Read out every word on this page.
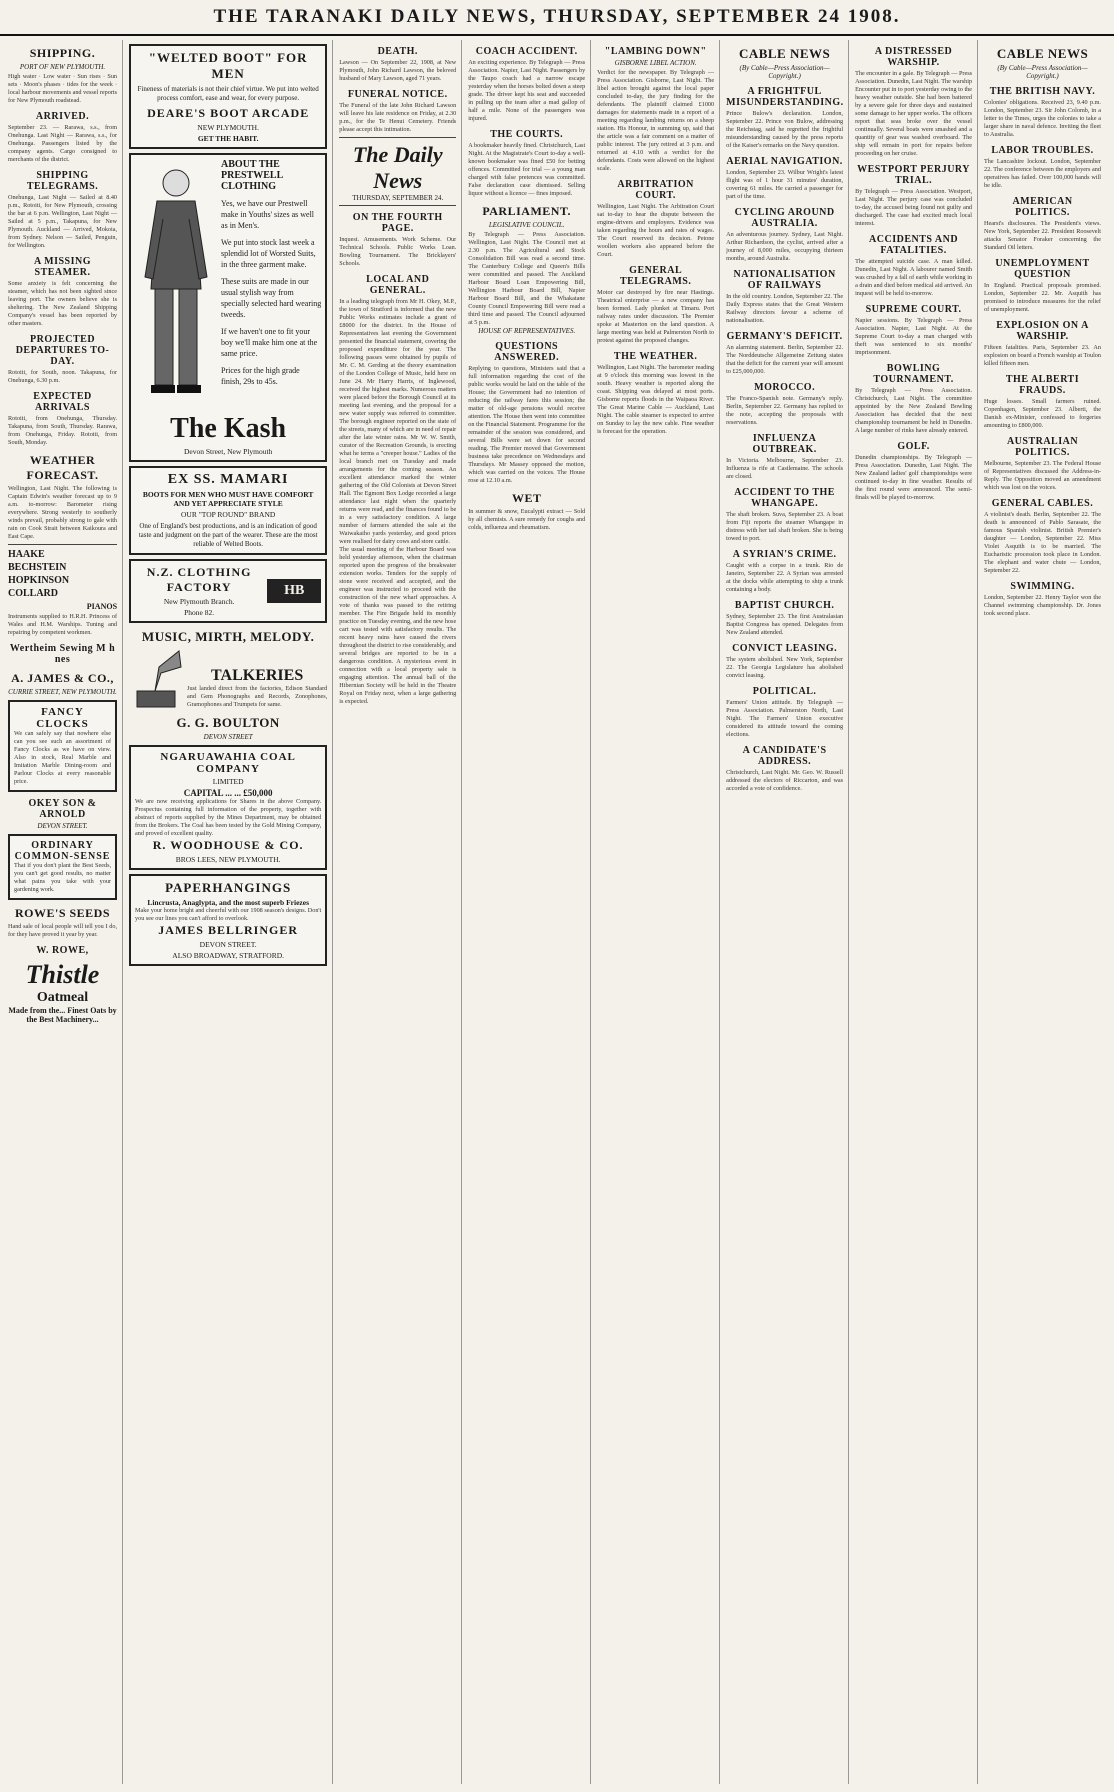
THE TARANAKI DAILY NEWS, THURSDAY, SEPTEMBER 24 1908.
SHIPPING.
PORT OF NEW PLYMOUTH.

High water · Low water · Sun rises · Sun sets · Moon's phases · tides for the week · local harbour movements and vessel reports for New Plymouth roadstead.

ARRIVED.

September 23. — Rarawa, s.s., from Onehunga. Last Night — Rarawa, s.s., for Onehunga. Passengers listed by the company agents. Cargo consigned to merchants of the district.

SHIPPING TELEGRAMS.

Onehunga, Last Night — Sailed at 8.40 p.m., Rotoiti, for New Plymouth, crossing the bar at 6 p.m. Wellington, Last Night — Sailed at 5 p.m., Takapuna, for New Plymouth. Auckland — Arrived, Mokoia, from Sydney. Nelson — Sailed, Penguin, for Wellington.

A MISSING STEAMER.

Some anxiety is felt concerning the steamer, which has not been sighted since leaving port. The owners believe she is sheltering. The New Zealand Shipping Company's vessel has been reported by other masters.

PROJECTED DEPARTURES TO-DAY.

Rotoiti, for South, noon. Takapuna, for Onehunga, 6.30 p.m.

EXPECTED ARRIVALS

Rotoiti, from Onehunga, Thursday. Takapuna, from South, Thursday. Rarawa, from Onehunga, Friday. Rotoiti, from South, Monday.

WEATHER FORECAST.

Wellington, Last Night. The following is Captain Edwin's weather forecast up to 9 a.m. to-morrow: Barometer rising everywhere. Strong westerly to southerly winds prevail, probably strong to gale with rain on Cook Strait between Kaikoura and East Cape.

HAAKE
BECHSTEIN
HOPKINSON
COLLARD
PIANOS

Instruments supplied to H.R.H. Princess of Wales and H.M. Warships. Tuning and repairing by competent workmen.

Wertheim Sewing M h nes
A. JAMES & CO.,
CURRIE STREET, NEW PLYMOUTH.
FANCY CLOCKS

We can safely say that nowhere else can you see such an assortment of Fancy Clocks as we have on view. Also in stock, Real Marble and Imitation Marble Dining-room and Parlour Clocks at every reasonable price.

OKEY SON & ARNOLD
DEVON STREET.
ORDINARY COMMON-SENSE

That if you don't plant the Best Seeds, you can't get good results, no matter what pains you take with your gardening work.

ROWE'S SEEDS

Hand sale of local people will tell you I do, for they have proved it year by year.

W. ROWE,
Thistle
Oatmeal
Made from the... Finest Oats by the Best Machinery...
"WELTED BOOT" FOR MEN
Fineness of materials is not their chief virtue. We put into welted process comfort, ease and wear, for every purpose.
DEARE'S BOOT ARCADE
NEW PLYMOUTH.
GET THE HABIT.
ABOUT THE
PRESTWELL
CLOTHING
Yes, we have our Prestwell make in Youths' sizes as well as in Men's.
We put into stock last week a splendid lot of Worsted Suits, in the three garment make.
These suits are made in our usual stylish way from specially selected hard wearing tweeds.
If we haven't one to fit your boy we'll make him one at the same price.
Prices for the high grade finish, 29s to 45s.
The Kash
Devon Street, New Plymouth
EX SS. MAMARI
BOOTS FOR MEN WHO MUST HAVE COMFORT AND YET APPRECIATE STYLE
OUR "TOP ROUND" BRAND
One of England's best productions, and is an indication of good taste and judgment on the part of the wearer. These are the most reliable of Welted Boots.
N.Z. CLOTHING FACTORY
New Plymouth Branch.
Phone 82.
HB
MUSIC, MIRTH, MELODY.
TALKERIES

Just landed direct from the factories, Edison Standard and Gem Phonographs and Records, Zonophones, Gramophones and Trumpets for same.

G. G. BOULTON
DEVON STREET
NGARUAWAHIA COAL COMPANY
LIMITED
CAPITAL ... ... £50,000

We are now receiving applications for Shares in the above Company. Prospectus containing full information of the property, together with abstract of reports supplied by the Mines Department, may be obtained from the Brokers. The Coal has been tested by the Gold Mining Company, and proved of excellent quality.

R. WOODHOUSE & CO.
BROS LEES, NEW PLYMOUTH.
PAPERHANGINGS
Lincrusta, Anaglypta, and the most superb Friezes

Make your home bright and cheerful with our 1908 season's designs. Don't you see our lines you can't afford to overlook.

JAMES BELLRINGER
DEVON STREET.
ALSO BROADWAY, STRATFORD.
DEATH.

Lawson — On September 22, 1908, at New Plymouth, John Richard Lawson, the beloved husband of Mary Lawson, aged 71 years.

FUNERAL NOTICE.

The Funeral of the late John Richard Lawson will leave his late residence on Friday, at 2.30 p.m., for the Te Henui Cemetery. Friends please accept this intimation.

The Daily News
THURSDAY, SEPTEMBER 24.
ON THE FOURTH PAGE.

Inquest. Amusements. Work Scheme. Our Technical Schools. Public Works Loan. Bowling Tournament. The Bricklayers' Schools.

LOCAL AND GENERAL.

In a leading telegraph from Mr H. Okey, M.P., the town of Stratford is informed that the new Public Works estimates include a grant of £8000 for the district. In the House of Representatives last evening the Government presented the financial statement, covering the proposed expenditure for the year. The following passes were obtained by pupils of Mr. C. M. Gerding at the theory examination of the London College of Music, held here on June 24. Mr Harry Harris, of Inglewood, received the highest marks. Numerous matters were placed before the Borough Council at its meeting last evening, and the proposal for a new water supply was referred to committee. The borough engineer reported on the state of the streets, many of which are in need of repair after the late winter rains. Mr W. W. Smith, curator of the Recreation Grounds, is erecting what he terms a "creeper house." Ladies of the local branch met on Tuesday and made arrangements for the coming season. An excellent attendance marked the winter gathering of the Old Colonists at Devon Street Hall. The Egmont Box Lodge recorded a large attendance last night when the quarterly returns were read, and the finances found to be in a very satisfactory condition. A large number of farmers attended the sale at the Waiwakaiho yards yesterday, and good prices were realised for dairy cows and store cattle.

The usual meeting of the Harbour Board was held yesterday afternoon, when the chairman reported upon the progress of the breakwater extension works. Tenders for the supply of stone were received and accepted, and the engineer was instructed to proceed with the construction of the new wharf approaches. A vote of thanks was passed to the retiring member. The Fire Brigade held its monthly practice on Tuesday evening, and the new hose cart was tested with satisfactory results. The recent heavy rains have caused the rivers throughout the district to rise considerably, and several bridges are reported to be in a dangerous condition. A mysterious event in connection with a local property sale is engaging attention. The annual ball of the Hibernian Society will be held in the Theatre Royal on Friday next, when a large gathering is expected.

COACH ACCIDENT.

An exciting experience. By Telegraph — Press Association. Napier, Last Night. Passengers by the Taupo coach had a narrow escape yesterday when the horses bolted down a steep grade. The driver kept his seat and succeeded in pulling up the team after a mad gallop of half a mile. None of the passengers was injured.

THE COURTS.

A bookmaker heavily fined. Christchurch, Last Night. At the Magistrate's Court to-day a well-known bookmaker was fined £50 for betting offences. Committed for trial — a young man charged with false pretences was committed. False declaration case dismissed. Selling liquor without a licence — fines imposed.

PARLIAMENT.
LEGISLATIVE COUNCIL.

By Telegraph — Press Association. Wellington, Last Night. The Council met at 2.30 p.m. The Agricultural and Stock Consolidation Bill was read a second time. The Canterbury College and Queen's Bills were committed and passed. The Auckland Harbour Board Loan Empowering Bill, Wellington Harbour Board Bill, Napier Harbour Board Bill, and the Whakatane County Council Empowering Bill were read a third time and passed. The Council adjourned at 5 p.m.

HOUSE OF REPRESENTATIVES.
QUESTIONS ANSWERED.

Replying to questions, Ministers said that a full information regarding the cost of the public works would be laid on the table of the House; the Government had no intention of reducing the railway fares this session; the matter of old-age pensions would receive attention. The House then went into committee on the Financial Statement. Programme for the remainder of the session was considered, and several Bills were set down for second reading. The Premier moved that Government business take precedence on Wednesdays and Thursdays. Mr Massey opposed the motion, which was carried on the voices. The House rose at 12.10 a.m.

WET

In summer & snow, Eucalypti extract — Sold by all chemists. A sure remedy for coughs and colds, influenza and rheumatism.

"LAMBING DOWN"
GISBORNE LIBEL ACTION.

Verdict for the newspaper. By Telegraph — Press Association. Gisborne, Last Night. The libel action brought against the local paper concluded to-day, the jury finding for the defendants. The plaintiff claimed £1000 damages for statements made in a report of a meeting regarding lambing returns on a sheep station. His Honour, in summing up, said that the article was a fair comment on a matter of public interest. The jury retired at 3 p.m. and returned at 4.10 with a verdict for the defendants. Costs were allowed on the highest scale.

ARBITRATION COURT.

Wellington, Last Night. The Arbitration Court sat to-day to hear the dispute between the engine-drivers and employers. Evidence was taken regarding the hours and rates of wages. The Court reserved its decision. Petone woollen workers also appeared before the Court.

GENERAL TELEGRAMS.

Motor car destroyed by fire near Hastings. Theatrical enterprise — a new company has been formed. Lady plunket at Timaru. Port railway rates under discussion. The Premier spoke at Masterton on the land question. A large meeting was held at Palmerston North to protest against the proposed changes.

THE WEATHER.

Wellington, Last Night. The barometer reading at 9 o'clock this morning was lowest in the south. Heavy weather is reported along the coast. Shipping was delayed at most ports. Gisborne reports floods in the Waipaoa River. The Great Marine Cable — Auckland, Last Night. The cable steamer is expected to arrive on Sunday to lay the new cable. Fine weather is forecast for the operation.

CABLE NEWS
(By Cable—Press Association—Copyright.)
A FRIGHTFUL MISUNDERSTANDING.

Prince Bulow's declaration. London, September 22. Prince von Bulow, addressing the Reichstag, said he regretted the frightful misunderstanding caused by the press reports of the Kaiser's remarks on the Navy question.

AERIAL NAVIGATION.

London, September 23. Wilbur Wright's latest flight was of 1 hour 31 minutes' duration, covering 61 miles. He carried a passenger for part of the time.

CYCLING AROUND AUSTRALIA.

An adventurous journey. Sydney, Last Night. Arthur Richardson, the cyclist, arrived after a journey of 8,000 miles, occupying thirteen months, around Australia.

NATIONALISATION OF RAILWAYS

In the old country. London, September 22. The Daily Express states that the Great Western Railway directors favour a scheme of nationalisation.

GERMANY'S DEFICIT.

An alarming statement. Berlin, September 22. The Norddeutsche Allgemeine Zeitung states that the deficit for the current year will amount to £25,000,000.

MOROCCO.

The Franco-Spanish note. Germany's reply. Berlin, September 22. Germany has replied to the note, accepting the proposals with reservations.

INFLUENZA OUTBREAK.

In Victoria. Melbourne, September 23. Influenza is rife at Castlemaine. The schools are closed.

ACCIDENT TO THE WHANGAPE.

The shaft broken. Suva, September 23. A boat from Fiji reports the steamer Whangape in distress with her tail shaft broken. She is being towed to port.

A SYRIAN'S CRIME.

Caught with a corpse in a trunk. Rio de Janeiro, September 22. A Syrian was arrested at the docks while attempting to ship a trunk containing a body.

BAPTIST CHURCH.

Sydney, September 23. The first Australasian Baptist Congress has opened. Delegates from New Zealand attended.

CONVICT LEASING.

The system abolished. New York, September 22. The Georgia Legislature has abolished convict leasing.

POLITICAL.

Farmers' Union attitude. By Telegraph — Press Association. Palmerston North, Last Night. The Farmers' Union executive considered its attitude toward the coming elections.

A CANDIDATE'S ADDRESS.

Christchurch, Last Night. Mr. Geo. W. Russell addressed the electors of Riccarton, and was accorded a vote of confidence.

A DISTRESSED WARSHIP.

The encounter in a gale. By Telegraph — Press Association. Dunedin, Last Night. The warship Encounter put in to port yesterday owing to the heavy weather outside. She had been battered by a severe gale for three days and sustained some damage to her upper works. The officers report that seas broke over the vessel continually. Several boats were smashed and a quantity of gear was washed overboard. The ship will remain in port for repairs before proceeding on her cruise.

WESTPORT PERJURY TRIAL.

By Telegraph — Press Association. Westport, Last Night. The perjury case was concluded to-day, the accused being found not guilty and discharged. The case had excited much local interest.

ACCIDENTS AND FATALITIES.

The attempted suicide case. A man killed. Dunedin, Last Night. A labourer named Smith was crushed by a fall of earth while working in a drain and died before medical aid arrived. An inquest will be held to-morrow.

SUPREME COURT.

Napier sessions. By Telegraph — Press Association. Napier, Last Night. At the Supreme Court to-day a man charged with theft was sentenced to six months' imprisonment.

BOWLING TOURNAMENT.

By Telegraph — Press Association. Christchurch, Last Night. The committee appointed by the New Zealand Bowling Association has decided that the next championship tournament be held in Dunedin. A large number of rinks have already entered.

GOLF.

Dunedin championships. By Telegraph — Press Association. Dunedin, Last Night. The New Zealand ladies' golf championships were continued to-day in fine weather. Results of the first round were announced. The semi-finals will be played to-morrow.

CABLE NEWS
(By Cable—Press Association—Copyright.)
THE BRITISH NAVY.

Colonies' obligations. Received 23, 9.40 p.m. London, September 23. Sir John Colomb, in a letter to the Times, urges the colonies to take a larger share in naval defence. Inviting the fleet to Australia.

LABOR TROUBLES.

The Lancashire lockout. London, September 22. The conference between the employers and operatives has failed. Over 100,000 hands will be idle.

AMERICAN POLITICS.

Hearst's disclosures. The President's views. New York, September 22. President Roosevelt attacks Senator Foraker concerning the Standard Oil letters.

UNEMPLOYMENT QUESTION

In England. Practical proposals promised. London, September 22. Mr. Asquith has promised to introduce measures for the relief of unemployment.

EXPLOSION ON A WARSHIP.

Fifteen fatalities. Paris, September 23. An explosion on board a French warship at Toulon killed fifteen men.

THE ALBERTI FRAUDS.

Huge losses. Small farmers ruined. Copenhagen, September 23. Alberti, the Danish ex-Minister, confessed to forgeries amounting to £800,000.

AUSTRALIAN POLITICS.

Melbourne, September 23. The Federal House of Representatives discussed the Address-in-Reply. The Opposition moved an amendment which was lost on the voices.

GENERAL CABLES.

A violinist's death. Berlin, September 22. The death is announced of Pablo Sarasate, the famous Spanish violinist. British Premier's daughter — London, September 22. Miss Violet Asquith is to be married. The Eucharistic procession took place in London. The elephant and water chute — London, September 22.

SWIMMING.

London, September 22. Henry Taylor won the Channel swimming championship. Dr. Jones took second place.
